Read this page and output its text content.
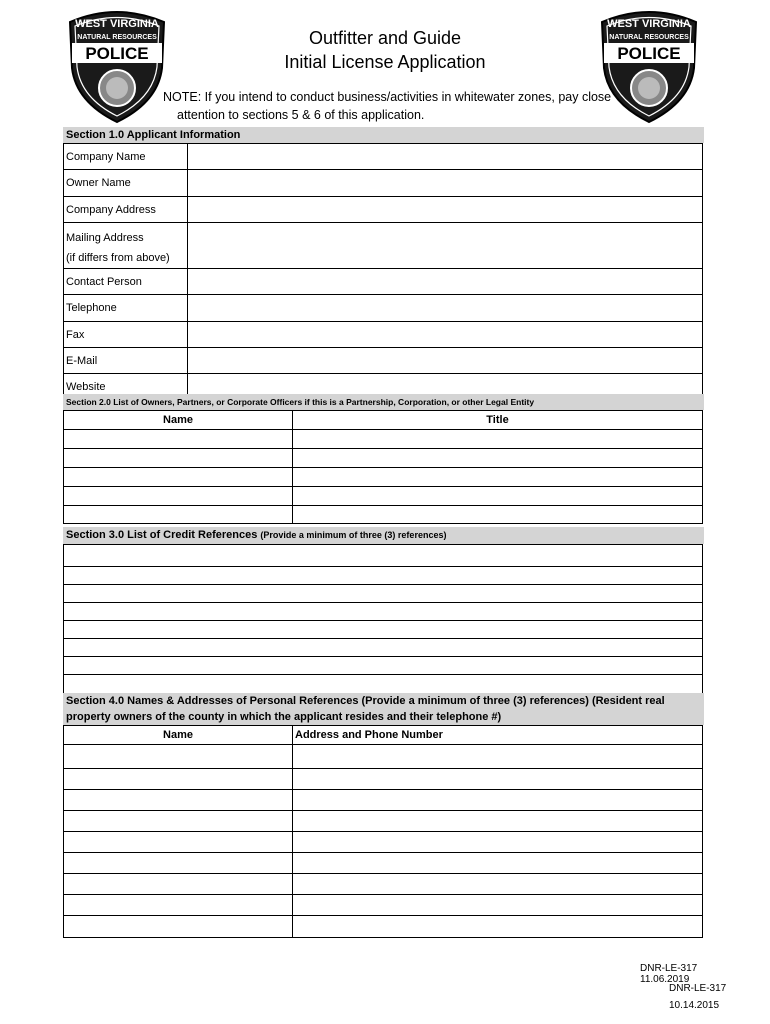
WEST VIRGINIA
NATURAL RESOURCES
POLICE
WEST VIRGINIA
NATURAL RESOURCES
POLICE
Outfitter and Guide
Initial License Application
NOTE: If you intend to conduct business/activities in whitewater zones, pay close
attention to sections 5 & 6 of this application.
Section 1.0 Applicant Information
Company Name	
Owner Name	
Company Address	
Mailing Address
(if differs from above)	
Contact Person	
Telephone	
Fax	
E-Mail	
Website	
Section 2.0 List of Owners, Partners, or Corporate Officers if this is a Partnership, Corporation, or other Legal Entity
Name	Title

Section 3.0 List of Credit References (Provide a minimum of three (3) references)

Section 4.0 Names & Addresses of Personal References (Provide a minimum of three (3) references) (Resident real property owners of the county in which the applicant resides and their telephone #)
Name	Address and Phone Number

DNR-LE-317
11.06.2019
DNR-LE-317
10.14.2015
